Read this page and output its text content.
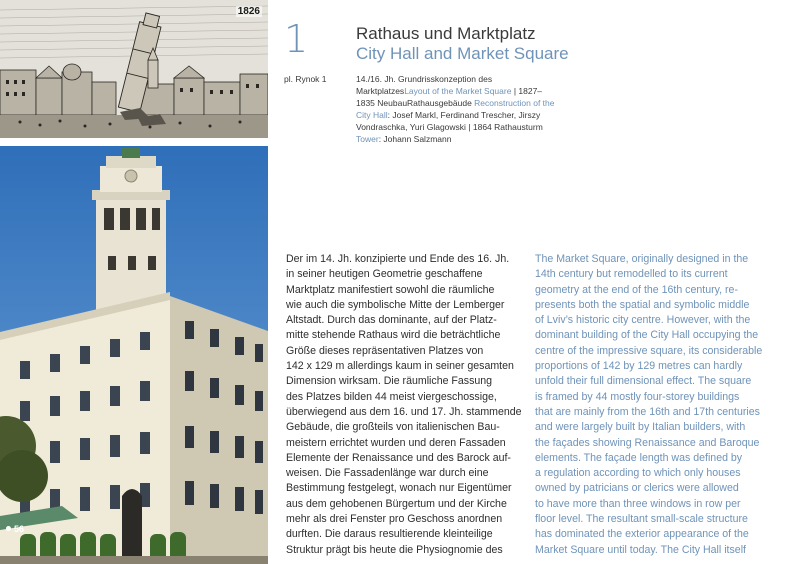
1826
56
1	Rathaus und Marktplatz
City Hall and Market Square
pl. Rynok 1	14./16. Jh. Grundrisskonzeption des MarktplatzesLayout of the Market Square | 1827–1835 NeubauRathausgebäude Reconstruction of the City Hall: Josef Markl, Ferdinand Trescher, Jirszy Vondraschka, Yuri Glagowski | 1864 Rathausturm Tower: Johann Salzmann
Der im 14. Jh. konzipierte und Ende des 16. Jh.
in seiner heutigen Geometrie geschaffene
Marktplatz manifestiert sowohl die räumliche
wie auch die symbolische Mitte der Lemberger
Altstadt. Durch das dominante, auf der Platz-
mitte stehende Rathaus wird die beträchtliche
Größe dieses repräsentativen Platzes von
142 x 129 m allerdings kaum in seiner gesamten
Dimension wirksam. Die räumliche Fassung
des Platzes bilden 44 meist viergeschossige,
überwiegend aus dem 16. und 17. Jh. stammende
Gebäude, die großteils von italienischen Bau-
meistern errichtet wurden und deren Fassaden
Elemente der Renaissance und des Barock auf-
weisen. Die Fassadenlänge war durch eine
Bestimmung festgelegt, wonach nur Eigentümer
aus dem gehobenen Bürgertum und der Kirche
mehr als drei Fenster pro Geschoss anordnen
durften. Die daraus resultierende kleinteilige
Struktur prägt bis heute die Physiognomie des
The Market Square, originally designed in the
14th century but remodelled to its current
geometry at the end of the 16th century, re-
presents both the spatial and symbolic middle
of Lviv’s historic city centre. However, with the
dominant building of the City Hall occupying the
centre of the impressive square, its considerable
proportions of 142 by 129 metres can hardly
unfold their full dimensional effect. The square
is framed by 44 mostly four-storey buildings
that are mainly from the 16th and 17th centuries
and were largely built by Italian builders, with
the façades showing Renaissance and Baroque
elements. The façade length was defined by
a regulation according to which only houses
owned by patricians or clerics were allowed
to have more than three windows in row per
floor level. The resultant small-scale structure
has dominated the exterior appearance of the
Market Square until today. The City Hall itself
